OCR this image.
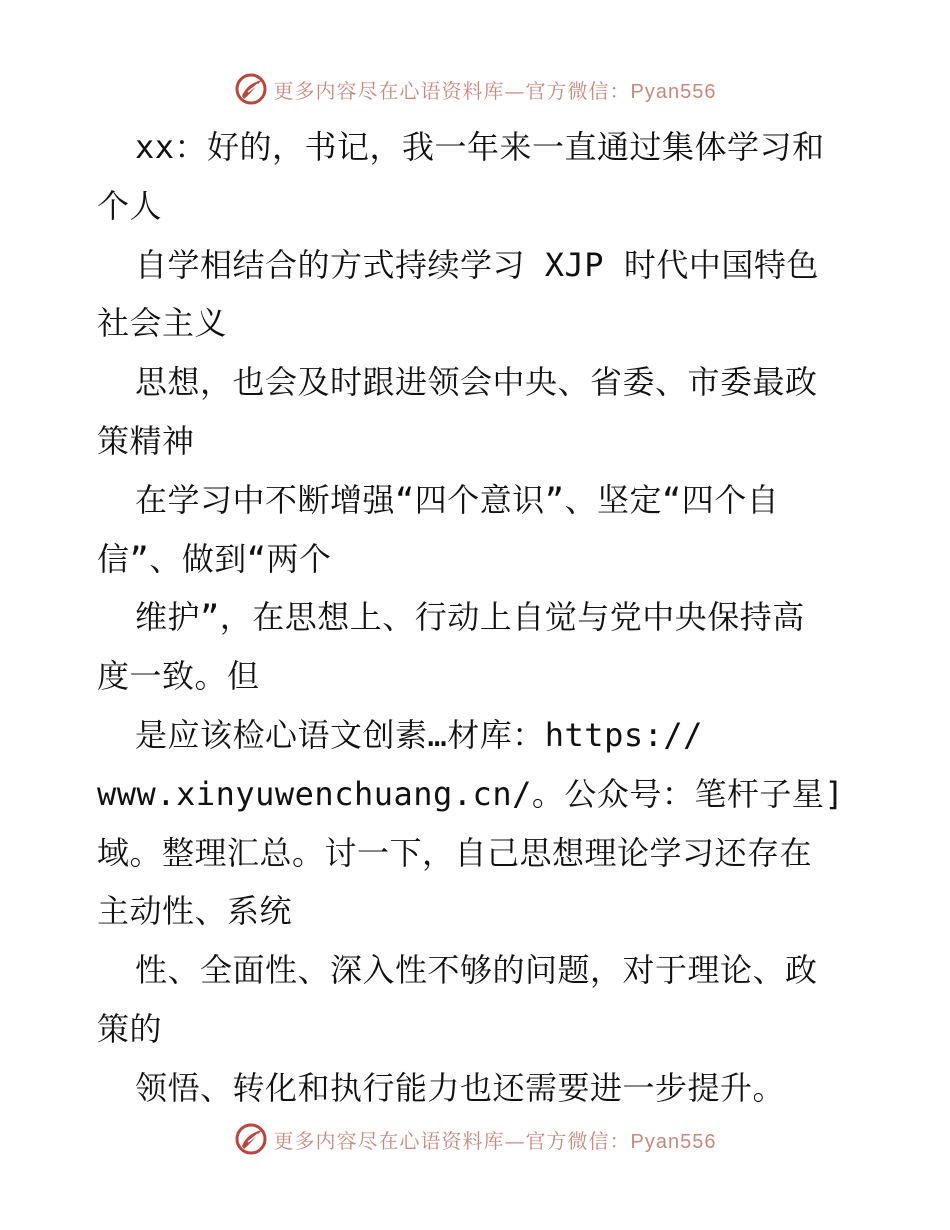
更多内容尽在心语资料库—官方微信：Pyan556
xx：好的，书记，我一年来一直通过集体学习和
个人
自学相结合的方式持续学习 XJP 时代中国特色
社会主义
思想，也会及时跟进领会中央、省委、市委最政
策精神
在学习中不断增强“四个意识”、坚定“四个自
信”、做到“两个
维护”，在思想上、行动上自觉与党中央保持高
度一致。但
是应该检心语文创素…材库：https://
www.xinyuwenchuang.cn/。公众号：笔杆子星]
域。整理汇总。讨一下，自己思想理论学习还存在
主动性、系统
性、全面性、深入性不够的问题，对于理论、政
策的
领悟、转化和执行能力也还需要进一步提升。
更多内容尽在心语资料库—官方微信：Pyan556
